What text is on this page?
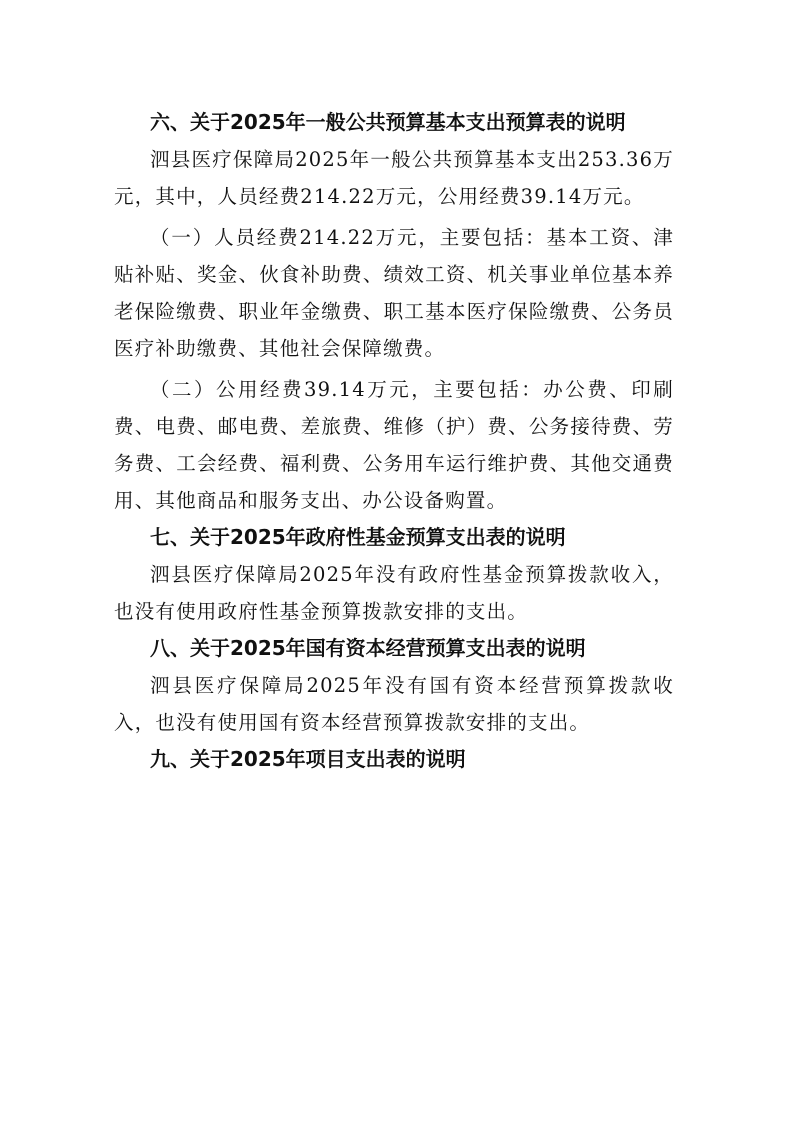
六、关于2025年一般公共预算基本支出预算表的说明

泗县医疗保障局2025年一般公共预算基本支出253.36万元，其中，人员经费214.22万元，公用经费39.14万元。

（一）人员经费214.22万元，主要包括：基本工资、津贴补贴、奖金、伙食补助费、绩效工资、机关事业单位基本养老保险缴费、职业年金缴费、职工基本医疗保险缴费、公务员医疗补助缴费、其他社会保障缴费。

（二）公用经费39.14万元，主要包括：办公费、印刷费、电费、邮电费、差旅费、维修（护）费、公务接待费、劳务费、工会经费、福利费、公务用车运行维护费、其他交通费用、其他商品和服务支出、办公设备购置。

七、关于2025年政府性基金预算支出表的说明

泗县医疗保障局2025年没有政府性基金预算拨款收入，也没有使用政府性基金预算拨款安排的支出。

八、关于2025年国有资本经营预算支出表的说明

泗县医疗保障局2025年没有国有资本经营预算拨款收入，也没有使用国有资本经营预算拨款安排的支出。

九、关于2025年项目支出表的说明
